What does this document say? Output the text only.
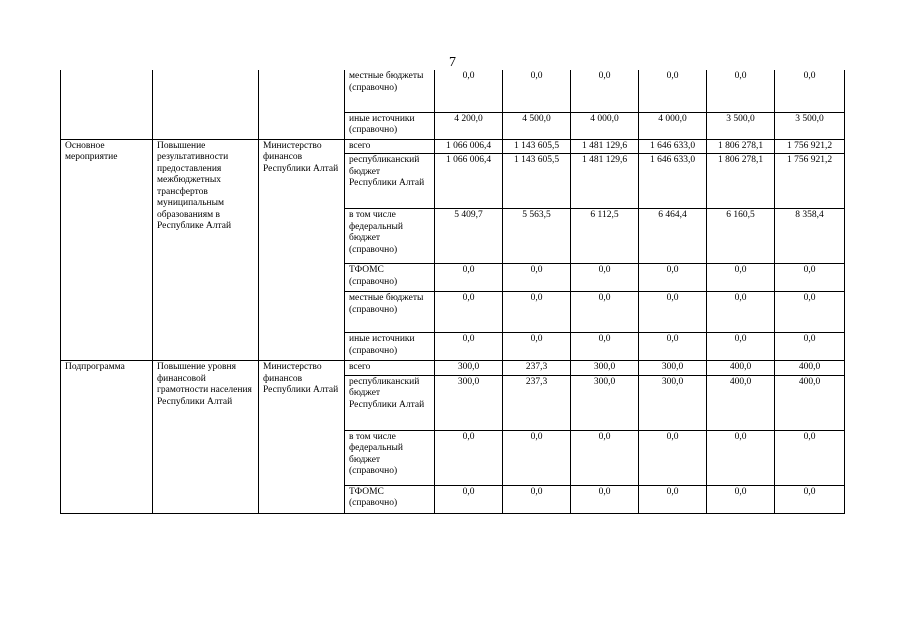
7
			местные бюджеты (справочно)	0,0	0,0	0,0	0,0	0,0	0,0
			иные источники (справочно)	4 200,0	4 500,0	4 000,0	4 000,0	3 500,0	3 500,0
Основное мероприятие	Повышение результативности предоставления межбюджетных трансфертов муниципальным образованиям в Республике Алтай	Министерство финансов Республики Алтай	всего	1 066 006,4	1 143 605,5	1 481 129,6	1 646 633,0	1 806 278,1	1 756 921,2
			республиканский бюджет Республики Алтай	1 066 006,4	1 143 605,5	1 481 129,6	1 646 633,0	1 806 278,1	1 756 921,2
			в том числе федеральный бюджет (справочно)	5 409,7	5 563,5	6 112,5	6 464,4	6 160,5	8 358,4
			ТФОМС (справочно)	0,0	0,0	0,0	0,0	0,0	0,0
			местные бюджеты (справочно)	0,0	0,0	0,0	0,0	0,0	0,0
			иные источники (справочно)	0,0	0,0	0,0	0,0	0,0	0,0
Подпрограмма	Повышение уровня финансовой грамотности населения Республики Алтай	Министерство финансов Республики Алтай	всего	300,0	237,3	300,0	300,0	400,0	400,0
			республиканский бюджет Республики Алтай	300,0	237,3	300,0	300,0	400,0	400,0
			в том числе федеральный бюджет (справочно)	0,0	0,0	0,0	0,0	0,0	0,0
			ТФОМС (справочно)	0,0	0,0	0,0	0,0	0,0	0,0
